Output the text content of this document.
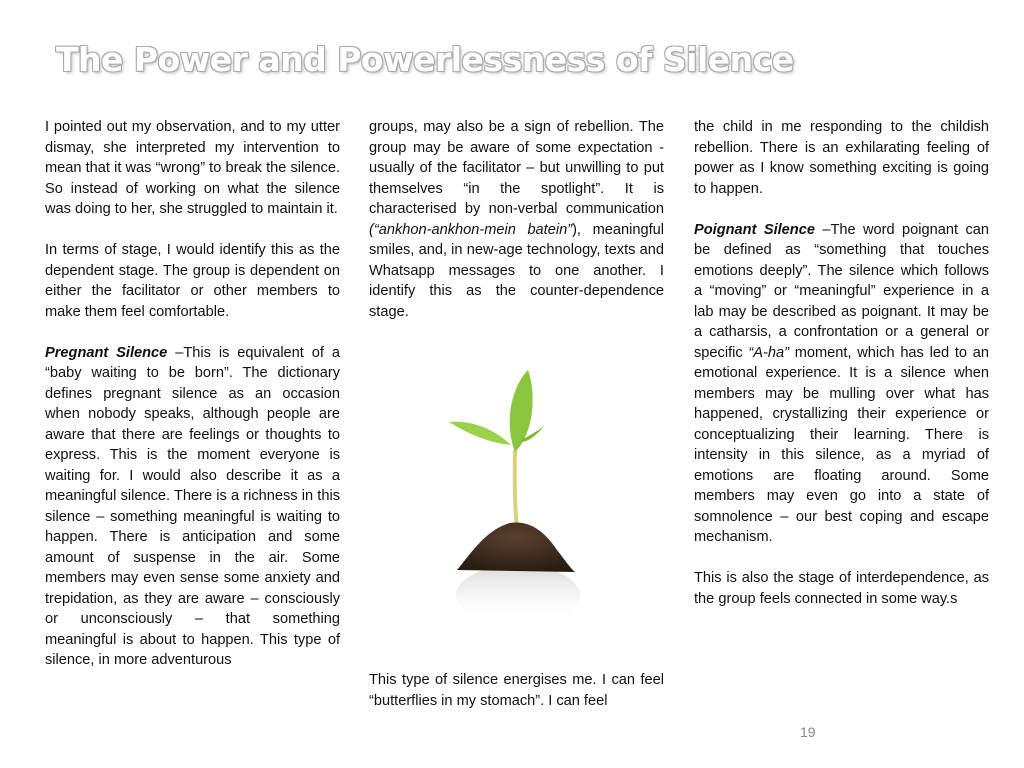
The Power and Powerlessness of Silence

I pointed out my observation, and to my utter dismay, she interpreted my intervention to mean that it was “wrong” to break the silence. So instead of working on what the silence was doing to her, she struggled to maintain it.

In terms of stage, I would identify this as the dependent stage. The group is dependent on either the facilitator or other members to make them feel comfortable.

Pregnant Silence –This is equivalent of a “baby waiting to be born”. The dictionary defines pregnant silence as an occasion when nobody speaks, although people are aware that there are feelings or thoughts to express. This is the moment everyone is waiting for. I would also describe it as a meaningful silence. There is a richness in this silence – something meaningful is waiting to happen. There is anticipation and some amount of suspense in the air. Some members may even sense some anxiety and trepidation, as they are aware – consciously or unconsciously – that something meaningful is about to happen. This type of silence, in more adventurous

groups, may also be a sign of rebellion. The group may be aware of some expectation - usually of the facilitator – but unwilling to put themselves “in the spotlight”. It is characterised by non-verbal communication (“ankhon-ankhon-mein batein”), meaningful smiles, and, in new-age technology, texts and Whatsapp messages to one another. I identify this as the counter-dependence stage.

This type of silence energises me. I can feel “butterflies in my stomach”. I can feel

the child in me responding to the childish rebellion. There is an exhilarating feeling of power as I know something exciting is going to happen.

Poignant Silence –The word poignant can be defined as “something that touches emotions deeply”. The silence which follows a “moving” or “meaningful” experience in a lab may be described as poignant. It may be a catharsis, a confrontation or a general or specific “A-ha” moment, which has led to an emotional experience. It is a silence when members may be mulling over what has happened, crystallizing their experience or conceptualizing their learning. There is intensity in this silence, as a myriad of emotions are floating around. Some members may even go into a state of somnolence – our best coping and escape mechanism.

This is also the stage of interdependence, as the group feels connected in some way.s

19
